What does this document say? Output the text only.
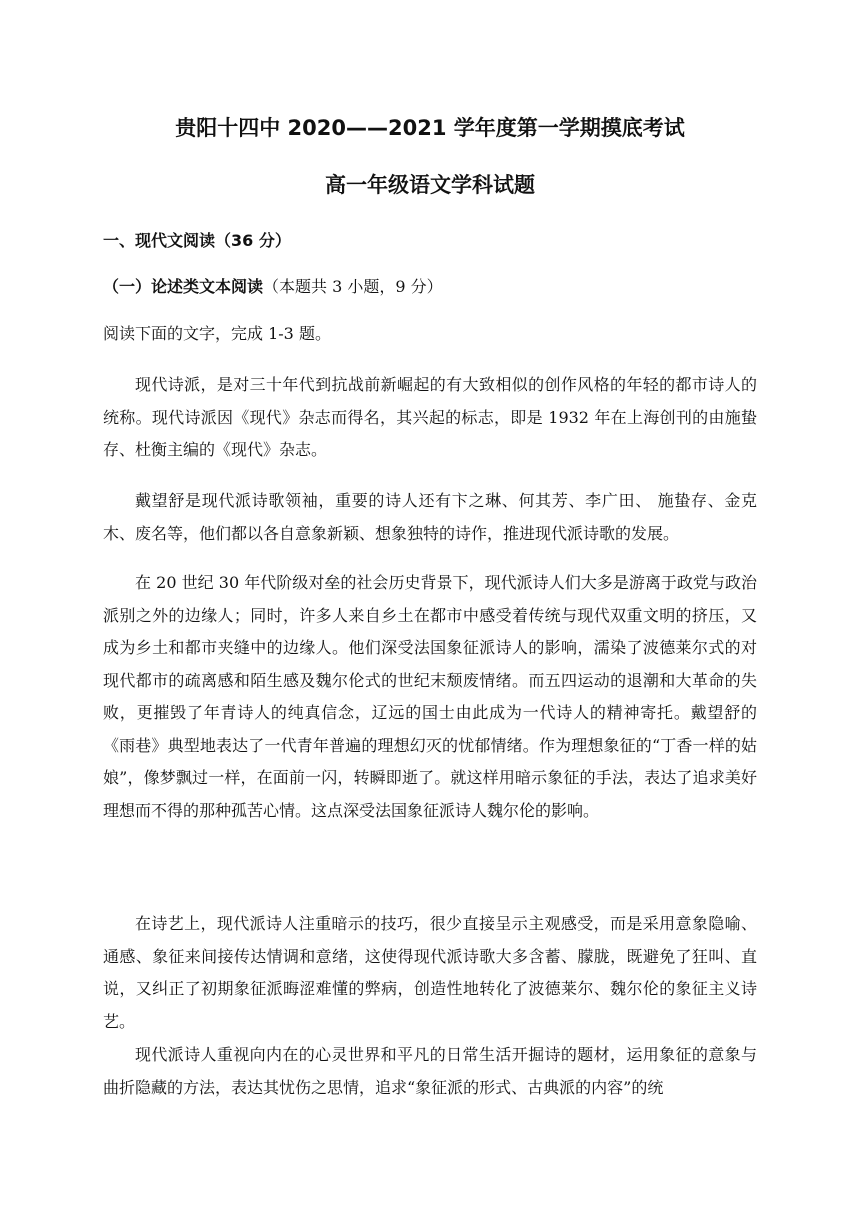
贵阳十四中 2020——2021 学年度第一学期摸底考试
高一年级语文学科试题
一、现代文阅读（36 分）
（一）论述类文本阅读（本题共 3 小题，9 分）
阅读下面的文字，完成 1-3 题。

现代诗派，是对三十年代到抗战前新崛起的有大致相似的创作风格的年轻的都市诗人的统称。现代诗派因《现代》杂志而得名，其兴起的标志，即是 1932 年在上海创刊的由施蛰存、杜衡主编的《现代》杂志。

戴望舒是现代派诗歌领袖，重要的诗人还有卞之琳、何其芳、李广田、 施蛰存、金克木、废名等，他们都以各自意象新颖、想象独特的诗作，推进现代派诗歌的发展。

在 20 世纪 30 年代阶级对垒的社会历史背景下，现代派诗人们大多是游离于政党与政治派别之外的边缘人；同时，许多人来自乡土在都市中感受着传统与现代双重文明的挤压，又成为乡土和都市夹缝中的边缘人。他们深受法国象征派诗人的影响，濡染了波德莱尔式的对现代都市的疏离感和陌生感及魏尔伦式的世纪末颓废情绪。而五四运动的退潮和大革命的失败，更摧毁了年青诗人的纯真信念，辽远的国士由此成为一代诗人的精神寄托。戴望舒的《雨巷》典型地表达了一代青年普遍的理想幻灭的忧郁情绪。作为理想象征的“丁香一样的姑娘”，像梦飘过一样，在面前一闪，转瞬即逝了。就这样用暗示象征的手法，表达了追求美好理想而不得的那种孤苦心情。这点深受法国象征派诗人魏尔伦的影响。

在诗艺上，现代派诗人注重暗示的技巧，很少直接呈示主观感受，而是采用意象隐喻、通感、象征来间接传达情调和意绪，这使得现代派诗歌大多含蓄、朦胧，既避免了狂叫、直说，又纠正了初期象征派晦涩难懂的弊病，创造性地转化了波德莱尔、魏尔伦的象征主义诗艺。

现代派诗人重视向内在的心灵世界和平凡的日常生活开掘诗的题材，运用象征的意象与曲折隐藏的方法，表达其忧伤之思情，追求“象征派的形式、古典派的内容”的统
